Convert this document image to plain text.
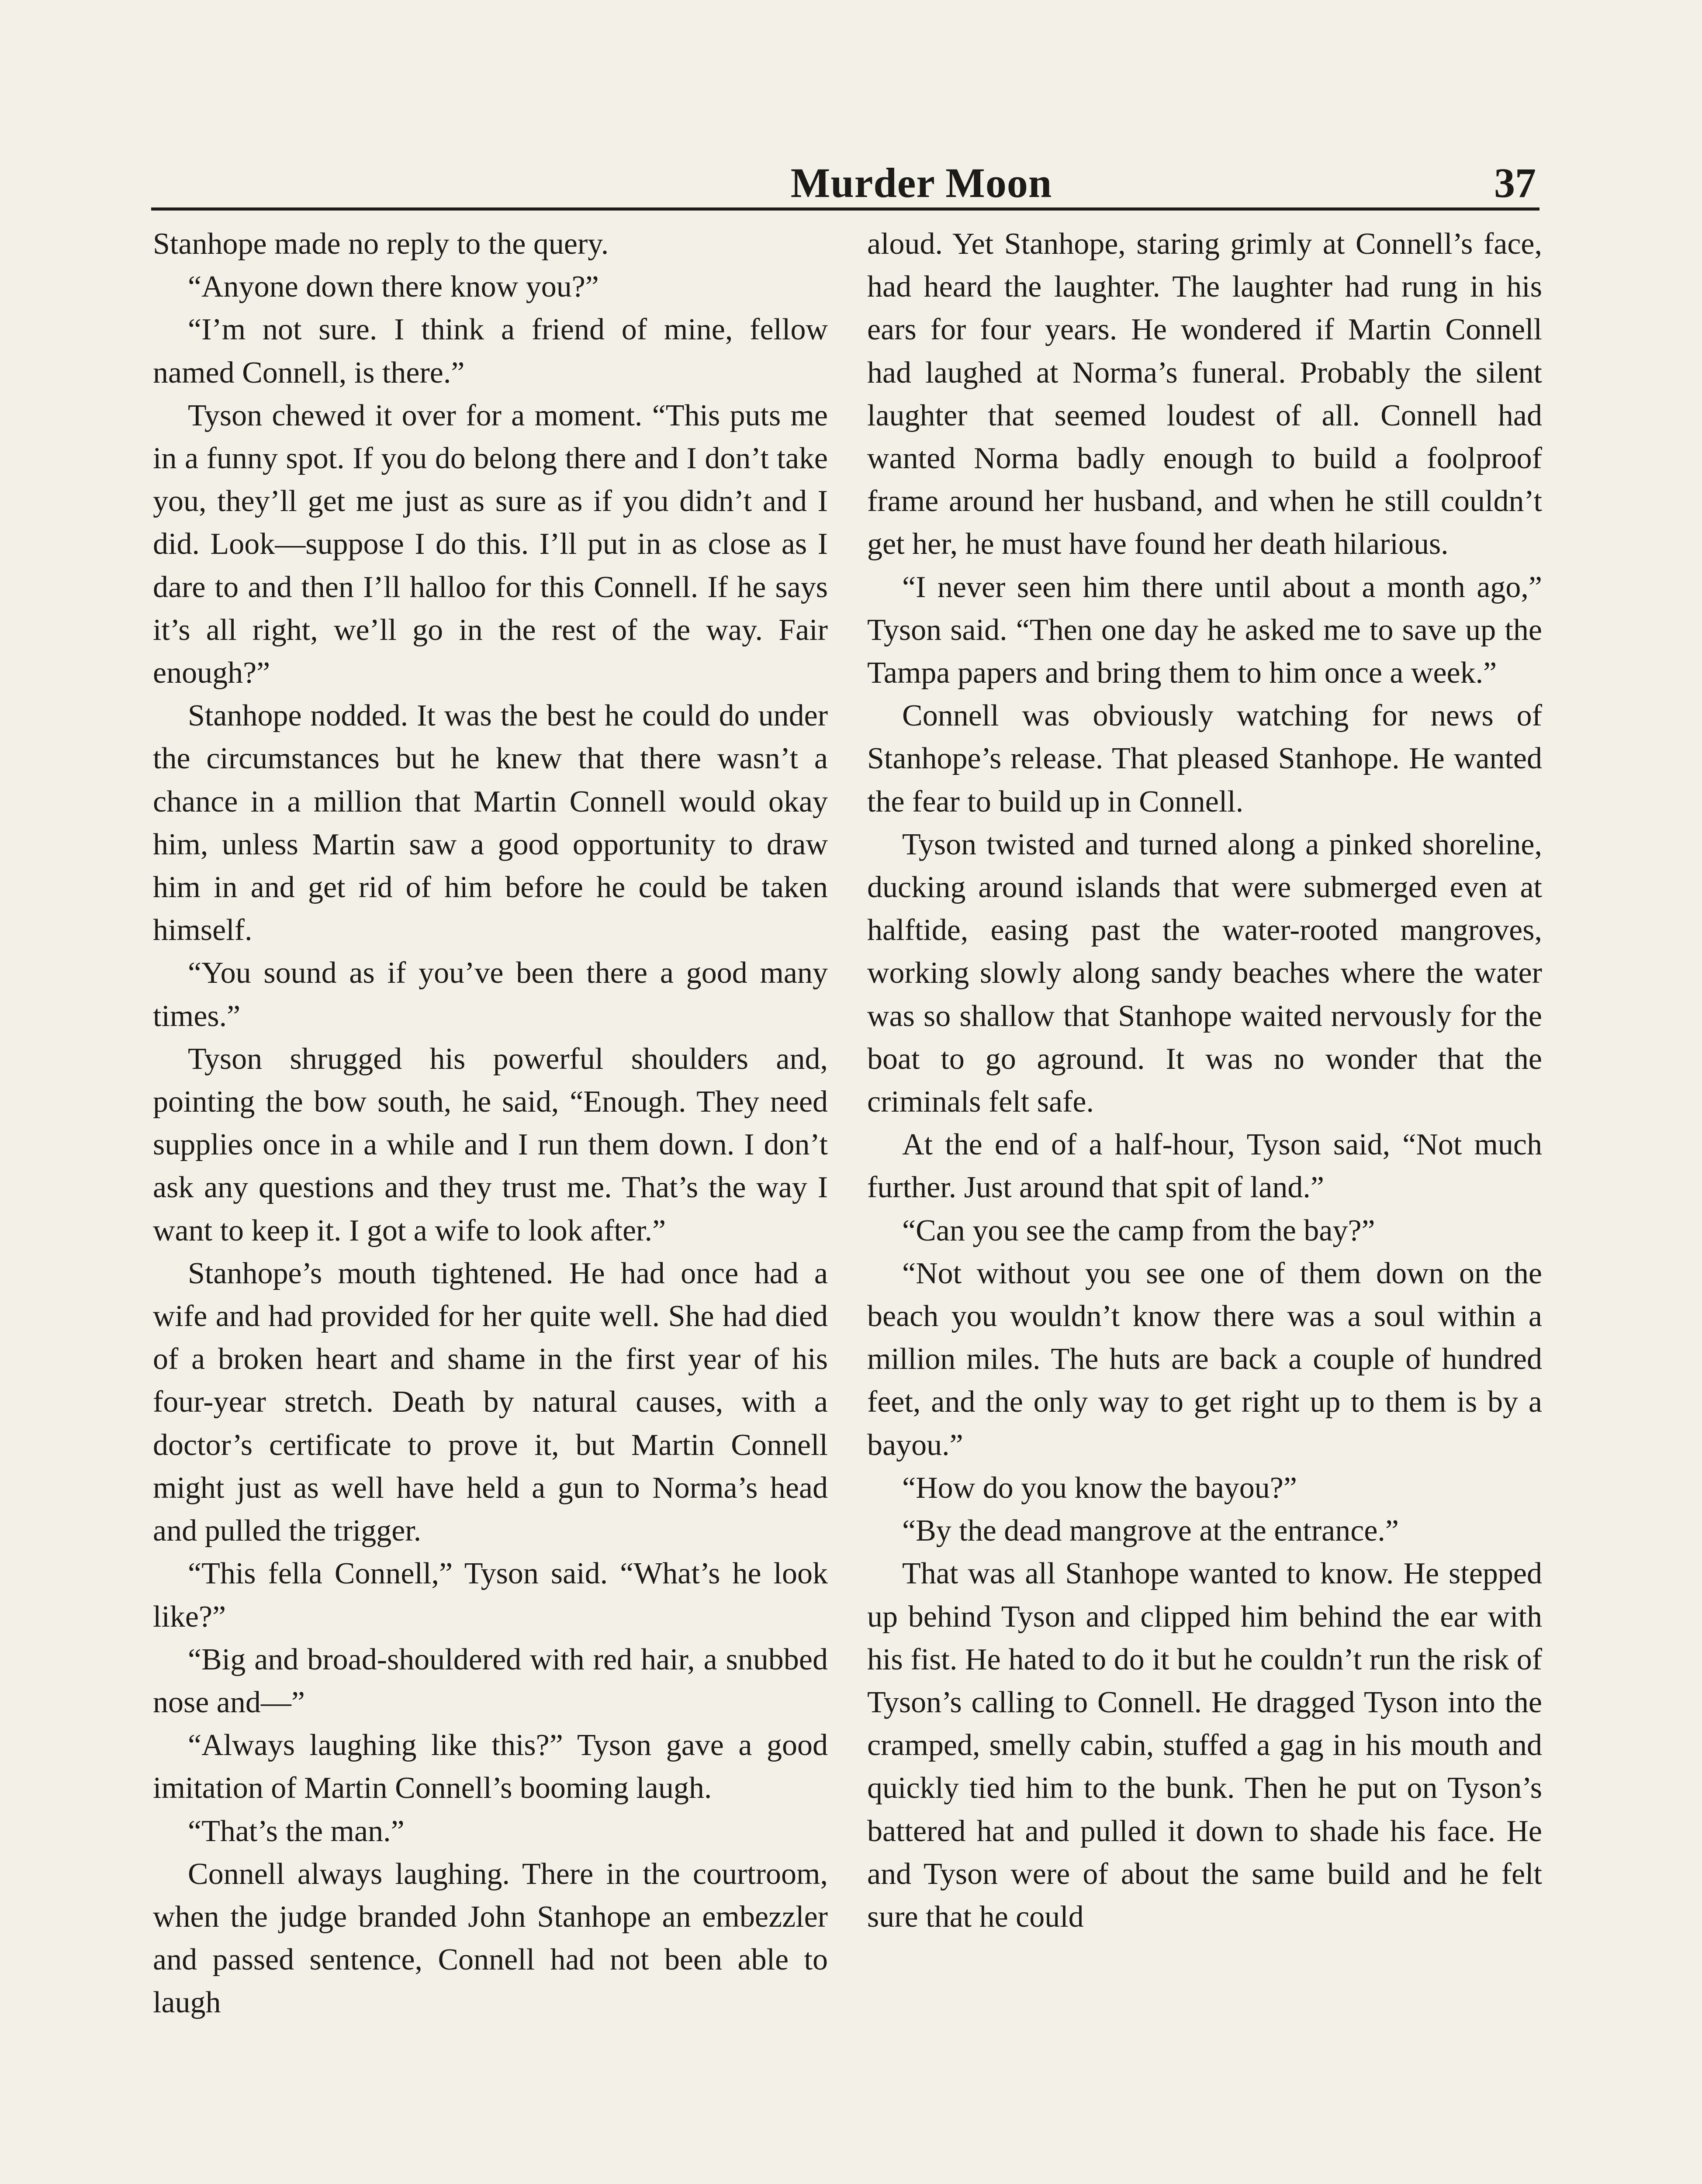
Murder Moon	37

Stanhope made no reply to the query.

“Anyone down there know you?”

“I’m not sure. I think a friend of mine, fellow named Connell, is there.”

Tyson chewed it over for a moment. “This puts me in a funny spot. If you do belong there and I don’t take you, they’ll get me just as sure as if you didn’t and I did. Look—suppose I do this. I’ll put in as close as I dare to and then I’ll halloo for this Connell. If he says it’s all right, we’ll go in the rest of the way. Fair enough?”

Stanhope nodded. It was the best he could do under the circumstances but he knew that there wasn’t a chance in a million that Martin Connell would okay him, unless Martin saw a good opportunity to draw him in and get rid of him before he could be taken himself.

“You sound as if you’ve been there a good many times.”

Tyson shrugged his powerful shoulders and, pointing the bow south, he said, “Enough. They need supplies once in a while and I run them down. I don’t ask any questions and they trust me. That’s the way I want to keep it. I got a wife to look after.”

Stanhope’s mouth tightened. He had once had a wife and had provided for her quite well. She had died of a broken heart and shame in the first year of his four-year stretch. Death by natural causes, with a doctor’s certificate to prove it, but Martin Connell might just as well have held a gun to Norma’s head and pulled the trigger.

“This fella Connell,” Tyson said. “What’s he look like?”

“Big and broad-shouldered with red hair, a snubbed nose and—”

“Always laughing like this?” Tyson gave a good imitation of Martin Connell’s booming laugh.

“That’s the man.”

Connell always laughing. There in the courtroom, when the judge branded John Stanhope an embezzler and passed sentence, Connell had not been able to laugh

aloud. Yet Stanhope, staring grimly at Connell’s face, had heard the laughter. The laughter had rung in his ears for four years. He wondered if Martin Connell had laughed at Norma’s funeral. Probably the silent laughter that seemed loudest of all. Connell had wanted Norma badly enough to build a foolproof frame around her husband, and when he still couldn’t get her, he must have found her death hilarious.

“I never seen him there until about a month ago,” Tyson said. “Then one day he asked me to save up the Tampa papers and bring them to him once a week.”

Connell was obviously watching for news of Stanhope’s release. That pleased Stanhope. He wanted the fear to build up in Connell.

Tyson twisted and turned along a pinked shoreline, ducking around islands that were submerged even at halftide, easing past the water-rooted mangroves, working slowly along sandy beaches where the water was so shallow that Stanhope waited nervously for the boat to go aground. It was no wonder that the criminals felt safe.

At the end of a half-hour, Tyson said, “Not much further. Just around that spit of land.”

“Can you see the camp from the bay?”

“Not without you see one of them down on the beach you wouldn’t know there was a soul within a million miles. The huts are back a couple of hundred feet, and the only way to get right up to them is by a bayou.”

“How do you know the bayou?”

“By the dead mangrove at the entrance.”

That was all Stanhope wanted to know. He stepped up behind Tyson and clipped him behind the ear with his fist. He hated to do it but he couldn’t run the risk of Tyson’s calling to Connell. He dragged Tyson into the cramped, smelly cabin, stuffed a gag in his mouth and quickly tied him to the bunk. Then he put on Tyson’s battered hat and pulled it down to shade his face. He and Tyson were of about the same build and he felt sure that he could
